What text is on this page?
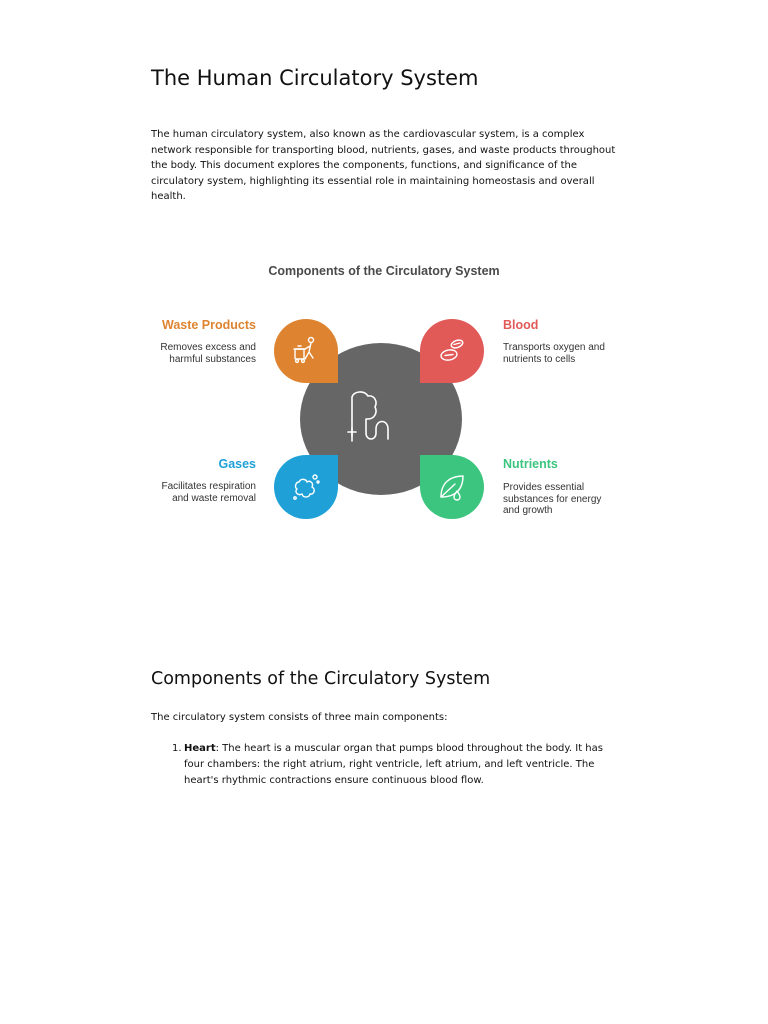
The Human Circulatory System

The human circulatory system, also known as the cardiovascular system, is a complex network responsible for transporting blood, nutrients, gases, and waste products throughout the body. This document explores the components, functions, and significance of the circulatory system, highlighting its essential role in maintaining homeostasis and overall health.

Components of the Circulatory System

Waste Products

Removes excess and harmful substances

Gases

Facilitates respiration and waste removal

Blood

Transports oxygen and nutrients to cells

Nutrients

Provides essential substances for energy and growth

Components of the Circulatory System

The circulatory system consists of three main components:

1. Heart: The heart is a muscular organ that pumps blood throughout the body. It has four chambers: the right atrium, right ventricle, left atrium, and left ventricle. The heart's rhythmic contractions ensure continuous blood flow.
